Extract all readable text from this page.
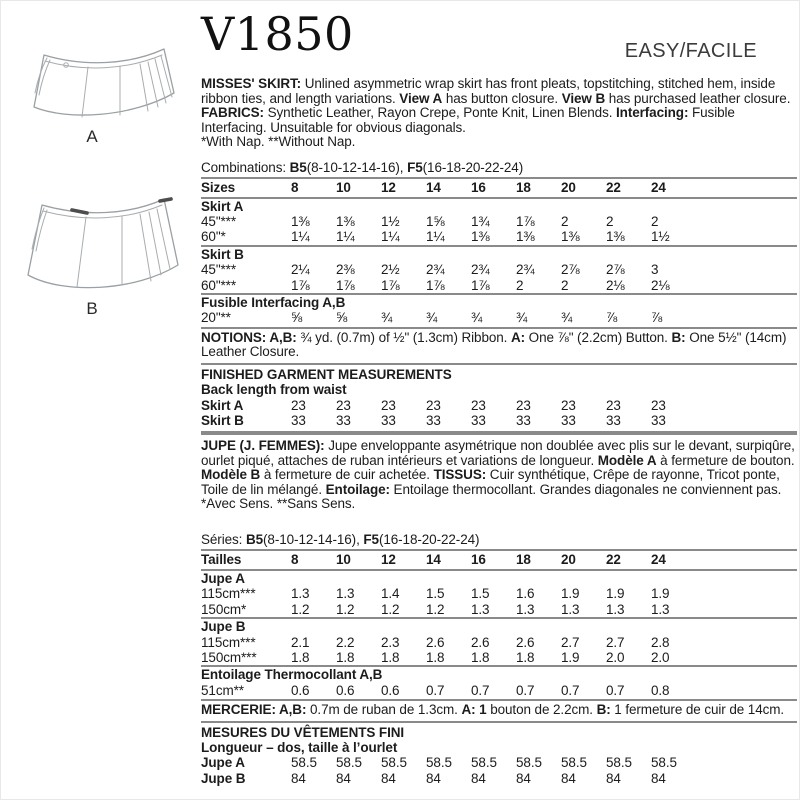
A
B
V1850	EASY/FACILE

MISSES' SKIRT: Unlined asymmetric wrap skirt has front pleats, topstitching, stitched hem, inside ribbon ties, and length variations. View A has button closure. View B has purchased leather closure. FABRICS: Synthetic Leather, Rayon Crepe, Ponte Knit, Linen Blends. Interfacing: Fusible Interfacing. Unsuitable for obvious diagonals.

*With Nap. **Without Nap.

Combinations: B5(8-10-12-14-16), F5(16-18-20-22-24)

Sizes	8	10	12	14	16	18	20	22	24	
Skirt A										
45"***	1⅜	1⅜	1½	1⅝	1¾	1⅞	2	2	2	
60"*	1¼	1¼	1¼	1¼	1⅜	1⅜	1⅜	1⅜	1½	
Skirt B										
45"***	2¼	2⅜	2½	2¾	2¾	2¾	2⅞	2⅞	3	
60"***	1⅞	1⅞	1⅞	1⅞	1⅞	2	2	2⅛	2⅛	
Fusible Interfacing A,B										
20"**	⅝	⅝	¾	¾	¾	¾	¾	⅞	⅞	
NOTIONS: A,B: ¾ yd. (0.7m) of ½" (1.3cm) Ribbon. A: One ⅞" (2.2cm) Button. B: One 5½" (14cm) Leather Closure.
FINISHED GARMENT MEASUREMENTS										
Back length from waist										
Skirt A	23	23	23	23	23	23	23	23	23	
Skirt B	33	33	33	33	33	33	33	33	33	

JUPE (J. FEMMES): Jupe enveloppante asymétrique non doublée avec plis sur le devant, surpiqûre, ourlet piqué, attaches de ruban intérieurs et variations de longueur. Modèle A à fermeture de bouton. Modèle B à fermeture de cuir achetée. TISSUS: Cuir synthétique, Crêpe de rayonne, Tricot ponte, Toile de lin mélangé. Entoilage: Entoilage thermocollant. Grandes diagonales ne conviennent pas.

*Avec Sens. **Sans Sens.

Séries: B5(8-10-12-14-16), F5(16-18-20-22-24)

Tailles	8	10	12	14	16	18	20	22	24	
Jupe A										
115cm***	1.3	1.3	1.4	1.5	1.5	1.6	1.9	1.9	1.9	
150cm*	1.2	1.2	1.2	1.2	1.3	1.3	1.3	1.3	1.3	
Jupe B										
115cm***	2.1	2.2	2.3	2.6	2.6	2.6	2.7	2.7	2.8	
150cm***	1.8	1.8	1.8	1.8	1.8	1.8	1.9	2.0	2.0	
Entoilage Thermocollant A,B										
51cm**	0.6	0.6	0.6	0.7	0.7	0.7	0.7	0.7	0.8	
MERCERIE: A,B: 0.7m de ruban de 1.3cm. A: 1 bouton de 2.2cm. B: 1 fermeture de cuir de 14cm.
MESURES DU VÊTEMENTS FINI										
Longueur – dos, taille à l’ourlet										
Jupe A	58.5	58.5	58.5	58.5	58.5	58.5	58.5	58.5	58.5	
Jupe B	84	84	84	84	84	84	84	84	84	
